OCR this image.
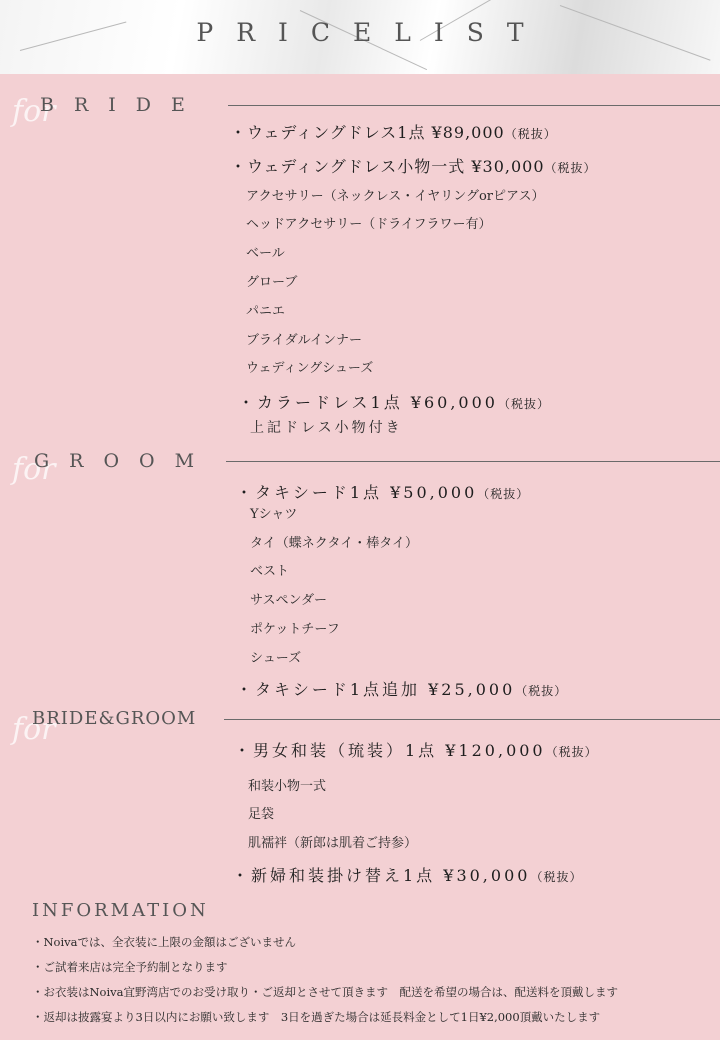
PRICELIST
for
BRIDE
・ウェディングドレス1点 ¥89,000（税抜）
・ウェディングドレス小物一式 ¥30,000（税抜）
アクセサリー（ネックレス・イヤリングorピアス）
ヘッドアクセサリー（ドライフラワー有）
ベール
グローブ
パニエ
ブライダルインナー
ウェディングシューズ
・カラードレス1点 ¥60,000（税抜）
上記ドレス小物付き
for
GROOM
・タキシード1点 ¥50,000（税抜）
Yシャツ
タイ（蝶ネクタイ・棒タイ）
ベスト
サスペンダー
ポケットチーフ
シューズ
・タキシード1点追加 ¥25,000（税抜）
for
BRIDE&GROOM
・男女和装（琉装）1点 ¥120,000（税抜）
和装小物一式
足袋
肌襦袢（新郎は肌着ご持参）
・新婦和装掛け替え1点 ¥30,000（税抜）
INFORMATION
・Noivaでは、全衣装に上限の金額はございません
・ご試着来店は完全予約制となります
・お衣装はNoiva宜野湾店でのお受け取り・ご返却とさせて頂きます　配送を希望の場合は、配送料を頂戴します
・返却は披露宴より3日以内にお願い致します　3日を過ぎた場合は延長料金として1日¥2,000頂戴いたします
